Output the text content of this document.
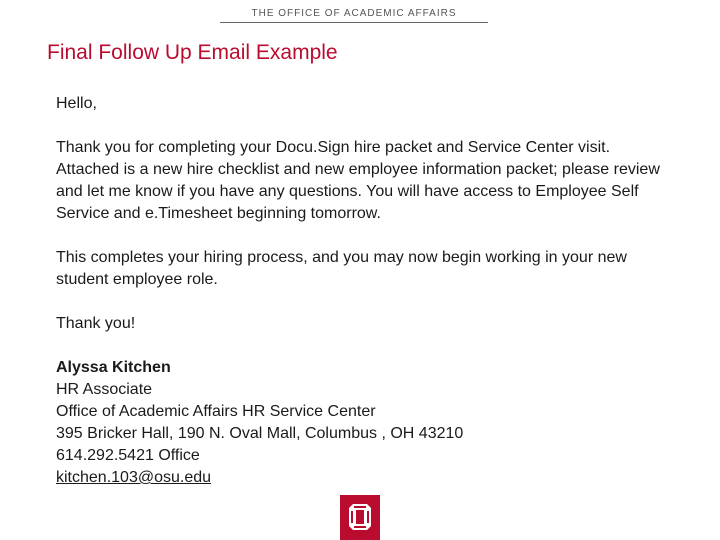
THE OFFICE OF ACADEMIC AFFAIRS
Final Follow Up Email Example

Hello,

Thank you for completing your Docu.Sign hire packet and Service Center visit. Attached is a new hire checklist and new employee information packet; please review and let me know if you have any questions. You will have access to Employee Self Service and e.Timesheet beginning tomorrow.

This completes your hiring process, and you may now begin working in your new student employee role.

Thank you!

Alyssa Kitchen
HR Associate
Office of Academic Affairs HR Service Center
395 Bricker Hall, 190 N. Oval Mall, Columbus , OH 43210
614.292.5421 Office
kitchen.103@osu.edu
